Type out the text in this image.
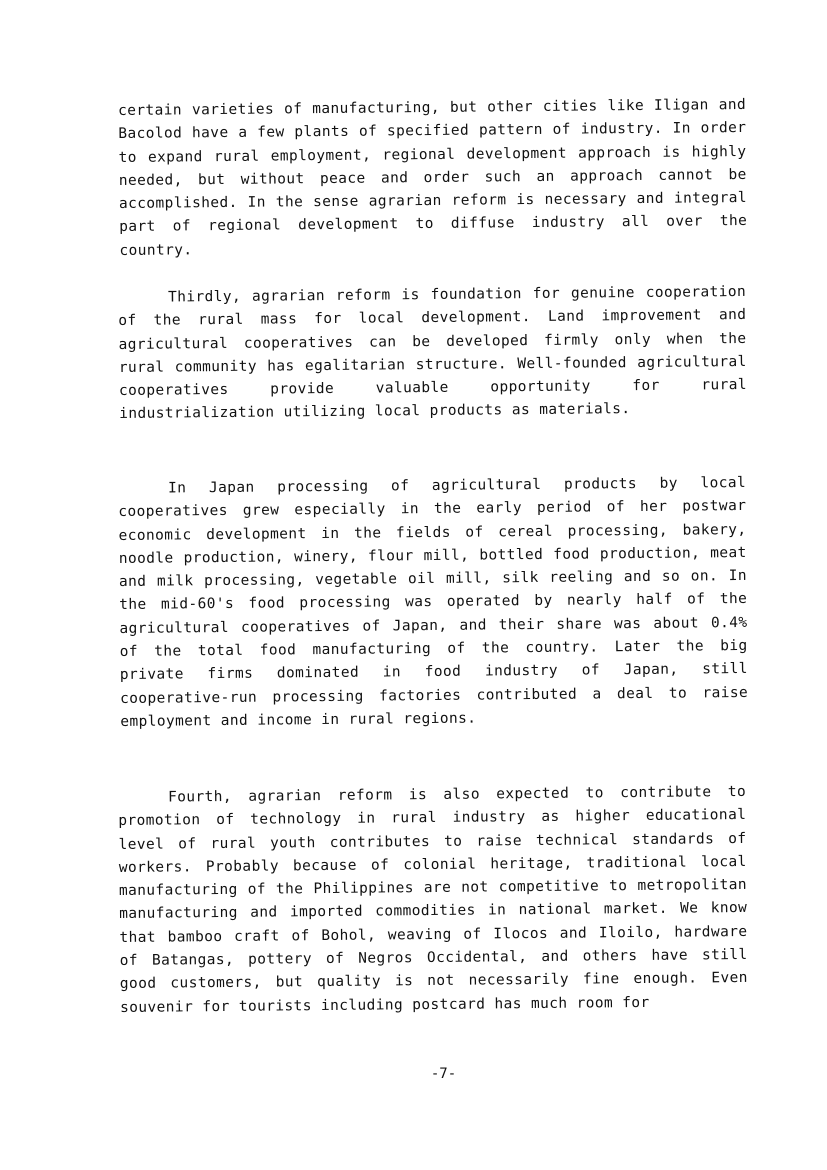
certain varieties of manufacturing, but other cities like Iligan and Bacolod have a few plants of specified pattern of industry. In order to expand rural employment, regional development approach is highly needed, but without peace and order such an approach cannot be accomplished. In the sense agrarian reform is necessary and integral part of regional development to diffuse industry all over the country.

Thirdly, agrarian reform is foundation for genuine cooperation of the rural mass for local development. Land improvement and agricultural cooperatives can be developed firmly only when the rural community has egalitarian structure. Well-founded agricultural cooperatives provide valuable opportunity for rural industrialization utilizing local products as materials.

In Japan processing of agricultural products by local cooperatives grew especially in the early period of her postwar economic development in the fields of cereal processing, bakery, noodle production, winery, flour mill, bottled food production, meat and milk processing, vegetable oil mill, silk reeling and so on. In the mid-60's food processing was operated by nearly half of the agricultural cooperatives of Japan, and their share was about 0.4% of the total food manufacturing of the country. Later the big private firms dominated in food industry of Japan, still cooperative-run processing factories contributed a deal to raise employment and income in rural regions.

Fourth, agrarian reform is also expected to contribute to promotion of technology in rural industry as higher educational level of rural youth contributes to raise technical standards of workers. Probably because of colonial heritage, traditional local manufacturing of the Philippines are not competitive to metropolitan manufacturing and imported commodities in national market. We know that bamboo craft of Bohol, weaving of Ilocos and Iloilo, hardware of Batangas, pottery of Negros Occidental, and others have still good customers, but quality is not necessarily fine enough. Even souvenir for tourists including postcard has much room for

-7-
